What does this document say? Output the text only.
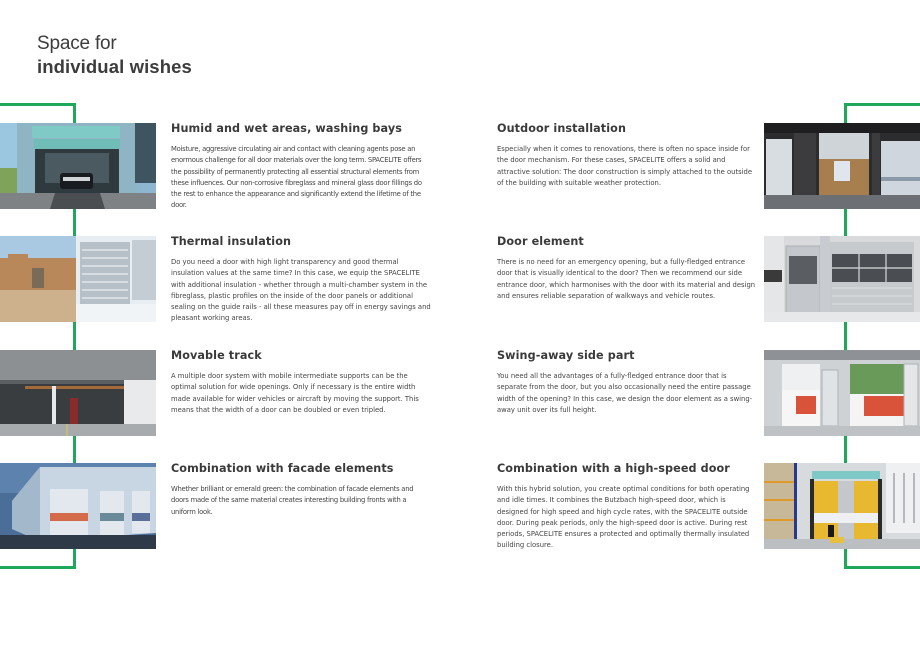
Space for
individual wishes
Humid and wet areas, washing bays

Moisture, aggressive circulating air and contact with cleaning agents pose an enormous challenge for all door materials over the long term. SPACELITE offers the possibility of permanently protecting all essential structural elements from these influences. Our non-corrosive fibreglass and mineral glass door fillings do the rest to enhance the appearance and significantly extend the lifetime of the door.

Thermal insulation

Do you need a door with high light transparency and good thermal insulation values at the same time? In this case, we equip the SPACELITE with additional insulation - whether through a multi-chamber system in the fibreglass, plastic profiles on the inside of the door panels or additional sealing on the guide rails - all these measures pay off in energy savings and pleasant working areas.

Movable track

A multiple door system with mobile intermediate supports can be the optimal solution for wide openings. Only if necessary is the entire width made available for wider vehicles or aircraft by moving the support. This means that the width of a door can be doubled or even tripled.

Combination with facade elements

Whether brilliant or emerald green: the combination of facade elements and doors made of the same material creates interesting building fronts with a uniform look.

Outdoor installation

Especially when it comes to renovations, there is often no space inside for the door mechanism. For these cases, SPACELITE offers a solid and attractive solution: The door construction is simply attached to the outside of the building with suitable weather protection.

Door element

There is no need for an emergency opening, but a fully-fledged entrance door that is visually identical to the door? Then we recommend our side entrance door, which harmonises with the door with its material and design and ensures reliable separation of walkways and vehicle routes.

Swing-away side part

You need all the advantages of a fully-fledged entrance door that is separate from the door, but you also occasionally need the entire passage width of the opening? In this case, we design the door element as a swing-away unit over its full height.

Combination with a high-speed door

With this hybrid solution, you create optimal conditions for both operating and idle times. It combines the Butzbach high-speed door, which is designed for high speed and high cycle rates, with the SPACELITE outside door. During peak periods, only the high-speed door is active. During rest periods, SPACELITE ensures a protected and optimally thermally insulated building closure.
